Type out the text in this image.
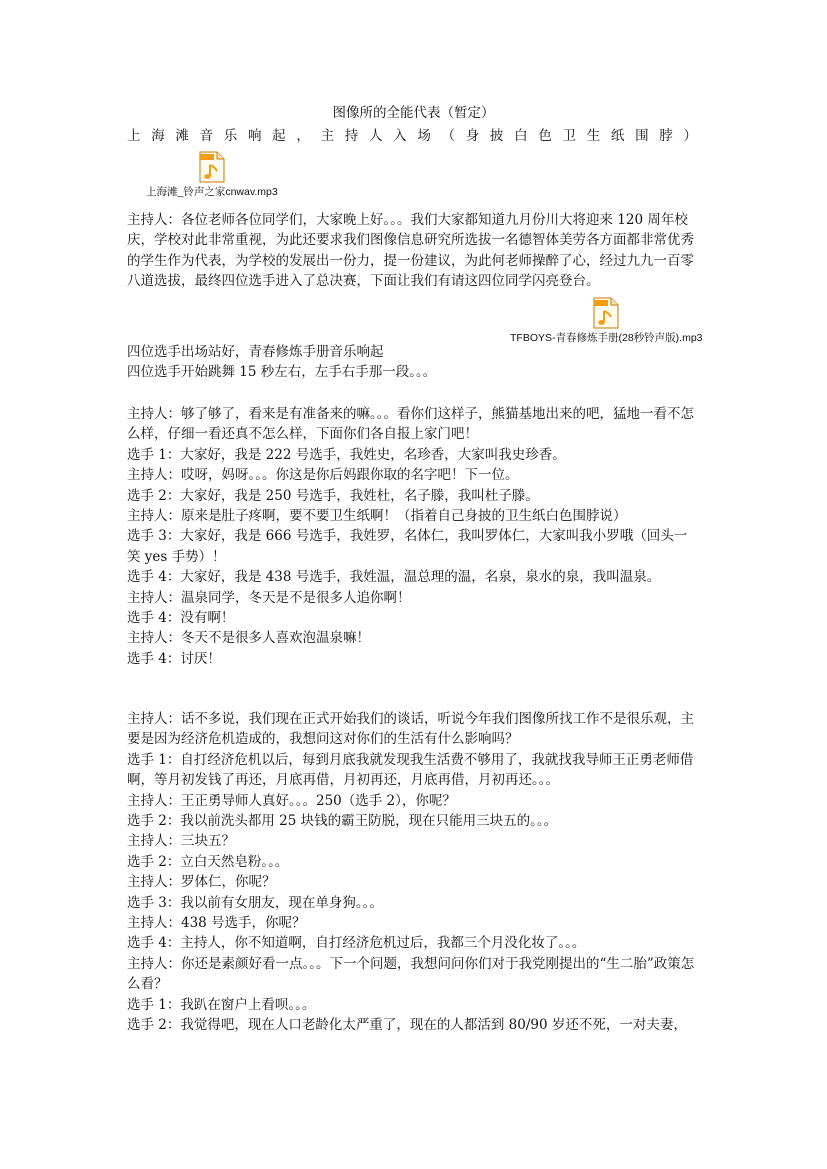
图像所的全能代表（暂定）
上海滩音乐响起，主持人入场（身披白色卫生纸围脖）
上海滩_铃声之家cnwav.mp3
TFBOYS-青春修炼手册(28秒铃声版).mp3

主持人：各位老师各位同学们，大家晚上好。。。我们大家都知道九月份川大将迎来 120 周年校庆，学校对此非常重视，为此还要求我们图像信息研究所选拔一名德智体美劳各方面都非常优秀的学生作为代表，为学校的发展出一份力，提一份建议，为此何老师操醉了心，经过九九一百零八道选拔，最终四位选手进入了总决赛，下面让我们有请这四位同学闪亮登台。

四位选手出场站好，青春修炼手册音乐响起

四位选手开始跳舞 15 秒左右，左手右手那一段。。。

主持人：够了够了，看来是有准备来的嘛。。。看你们这样子，熊猫基地出来的吧，猛地一看不怎么样，仔细一看还真不怎么样，下面你们各自报上家门吧！

选手 1：大家好，我是 222 号选手，我姓史，名珍香，大家叫我史珍香。

主持人：哎呀，妈呀。。。你这是你后妈跟你取的名字吧！下一位。

选手 2：大家好，我是 250 号选手，我姓杜，名子滕，我叫杜子滕。

主持人：原来是肚子疼啊，要不要卫生纸啊！（指着自己身披的卫生纸白色围脖说）

选手 3：大家好，我是 666 号选手，我姓罗，名体仁，我叫罗体仁，大家叫我小罗哦（回头一笑 yes 手势）！

选手 4：大家好，我是 438 号选手，我姓温，温总理的温，名泉，泉水的泉，我叫温泉。

主持人：温泉同学，冬天是不是很多人追你啊！

选手 4：没有啊！

主持人：冬天不是很多人喜欢泡温泉嘛！

选手 4：讨厌！

主持人：话不多说，我们现在正式开始我们的谈话，听说今年我们图像所找工作不是很乐观，主要是因为经济危机造成的，我想问这对你们的生活有什么影响吗？

选手 1：自打经济危机以后，每到月底我就发现我生活费不够用了，我就找我导师王正勇老师借啊，等月初发钱了再还，月底再借，月初再还，月底再借，月初再还。。。

主持人：王正勇导师人真好。。。250（选手 2），你呢？

选手 2：我以前洗头都用 25 块钱的霸王防脱，现在只能用三块五的。。。

主持人：三块五？

选手 2：立白天然皂粉。。。

主持人：罗体仁，你呢？

选手 3：我以前有女朋友，现在单身狗。。。

主持人：438 号选手，你呢？

选手 4：主持人，你不知道啊，自打经济危机过后，我都三个月没化妆了。。。

主持人：你还是素颜好看一点。。。下一个问题，我想问问你们对于我党刚提出的“生二胎”政策怎么看？

选手 1：我趴在窗户上看呗。。。

选手 2：我觉得吧，现在人口老龄化太严重了，现在的人都活到 80/90 岁还不死，一对夫妻，
